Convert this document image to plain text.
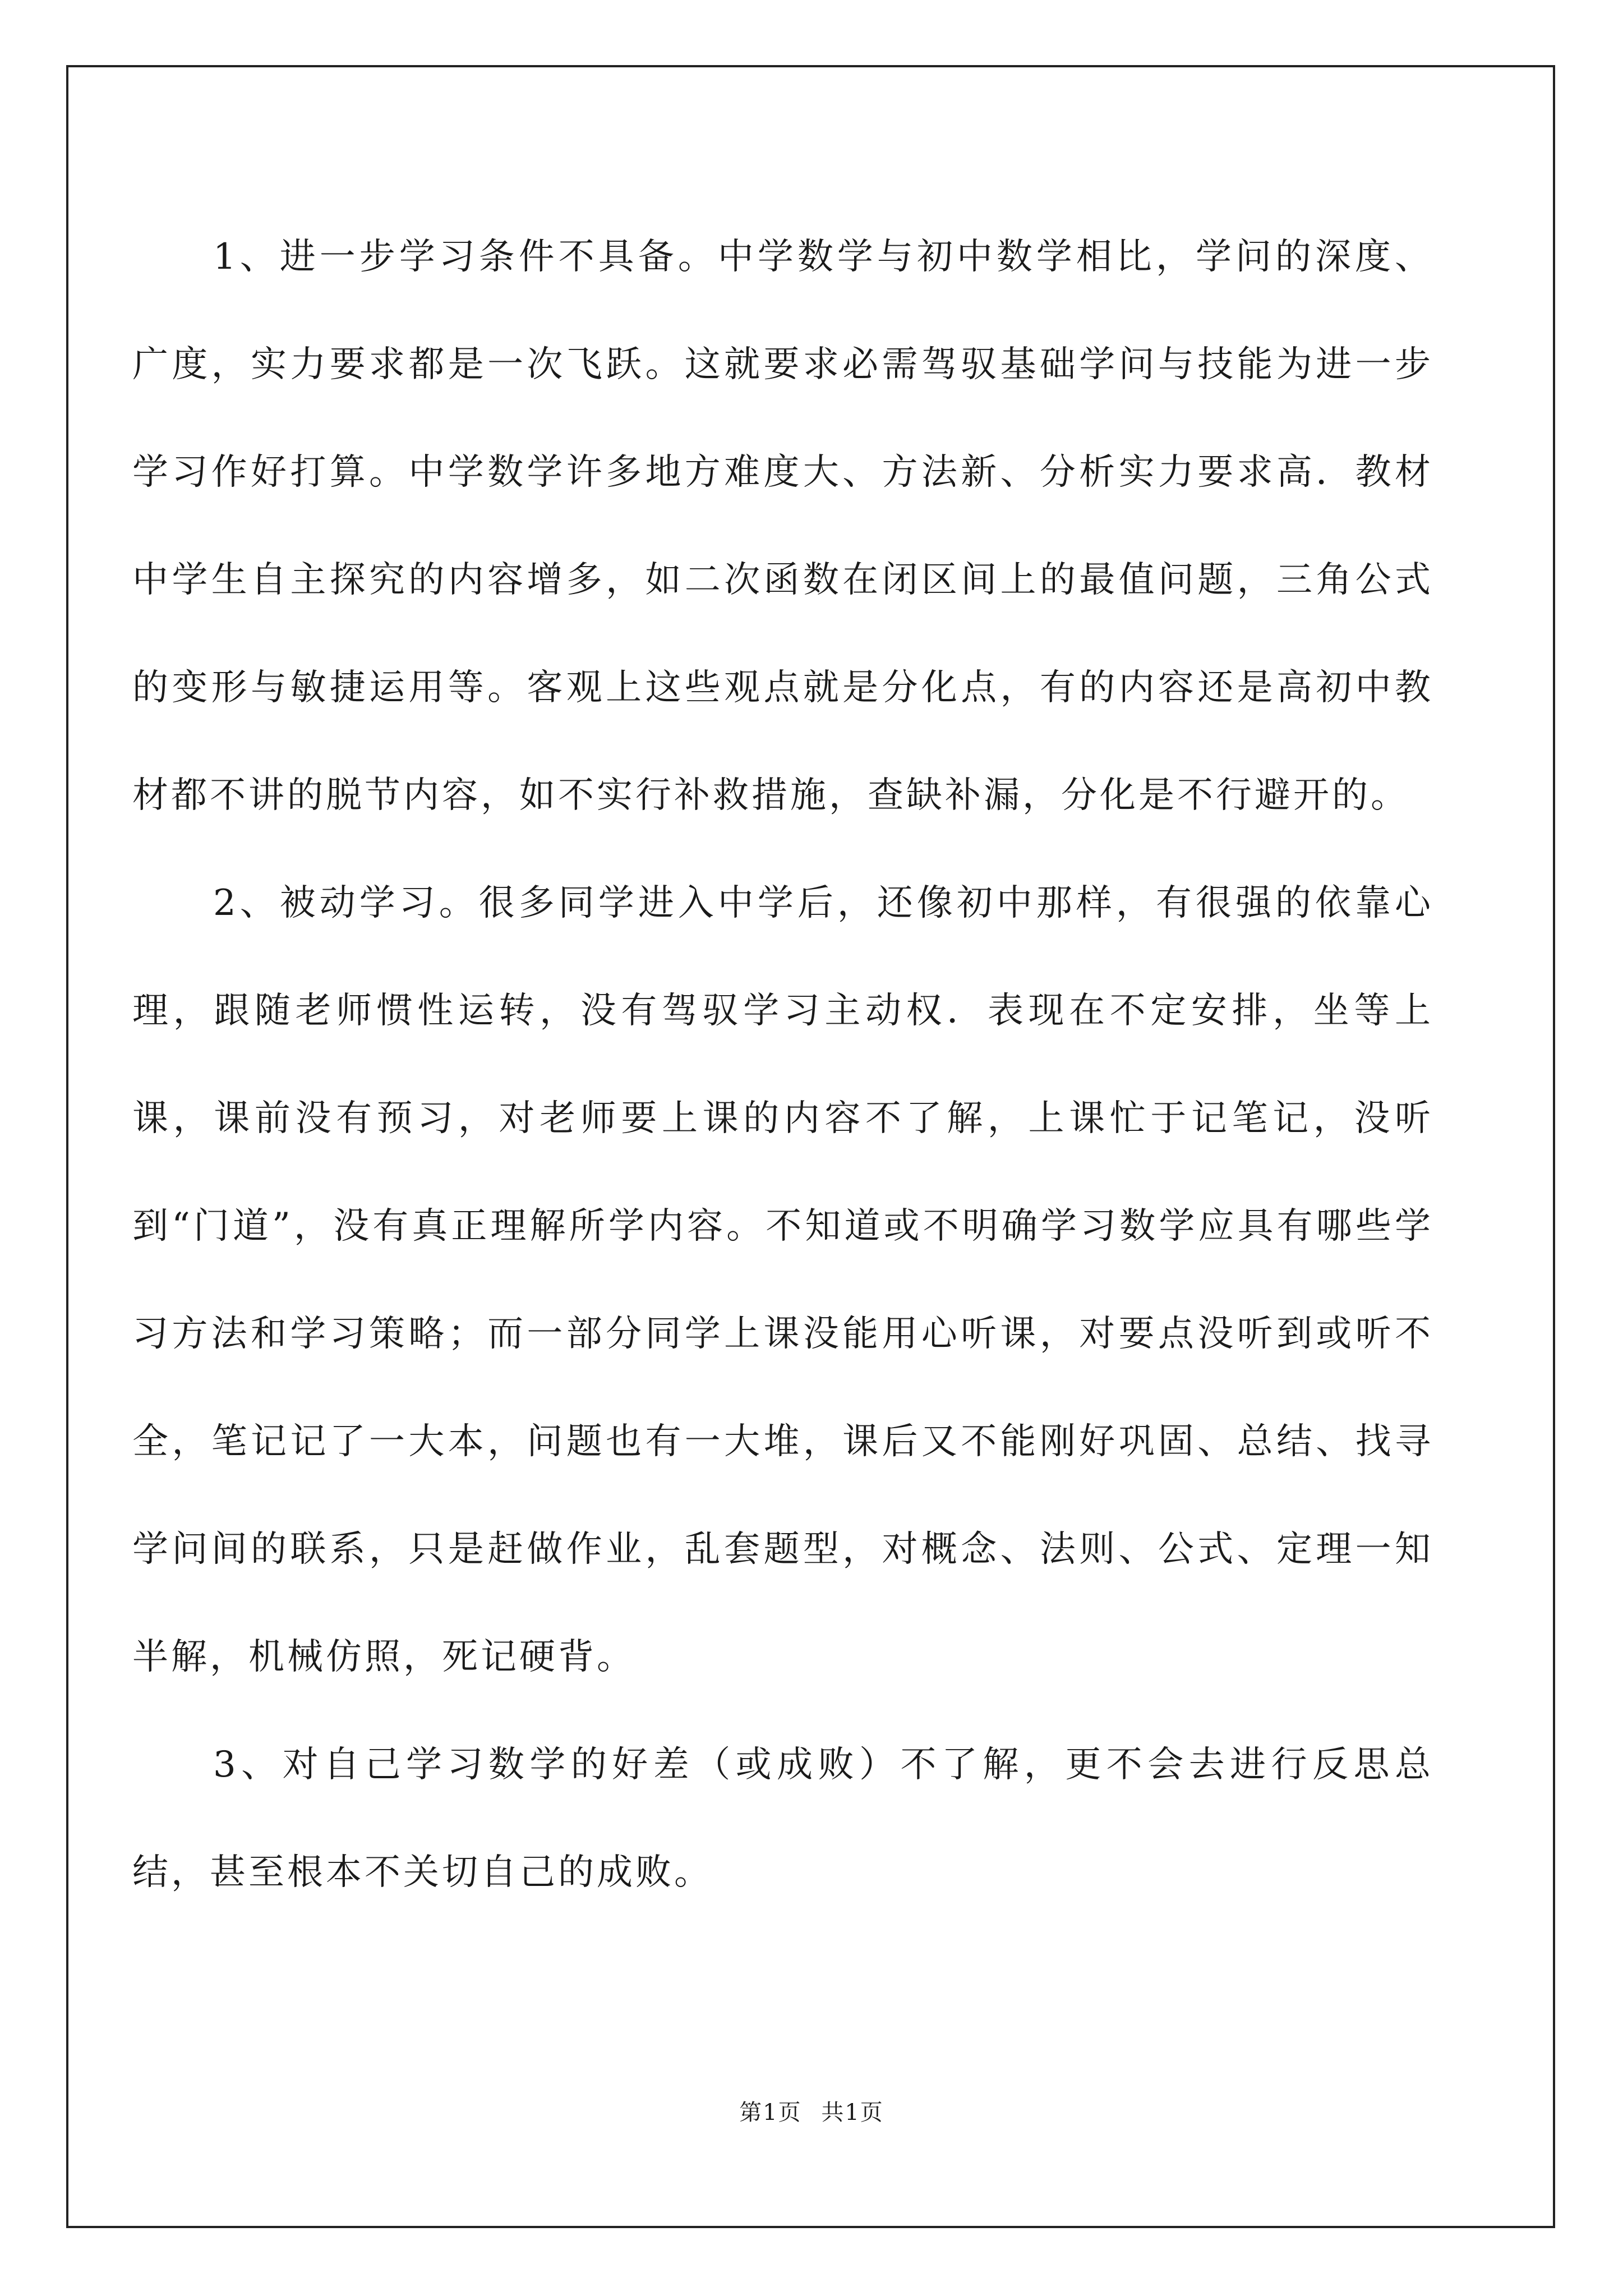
1、进一步学习条件不具备。中学数学与初中数学相比，学问的深度、广度，实力要求都是一次飞跃。这就要求必需驾驭基础学问与技能为进一步学习作好打算。中学数学许多地方难度大、方法新、分析实力要求高．教材中学生自主探究的内容增多，如二次函数在闭区间上的最值问题，三角公式的变形与敏捷运用等。客观上这些观点就是分化点，有的内容还是高初中教材都不讲的脱节内容，如不实行补救措施，查缺补漏，分化是不行避开的。

2、被动学习。很多同学进入中学后，还像初中那样，有很强的依靠心理，跟随老师惯性运转，没有驾驭学习主动权．表现在不定安排，坐等上课，课前没有预习，对老师要上课的内容不了解，上课忙于记笔记，没听到“门道”，没有真正理解所学内容。不知道或不明确学习数学应具有哪些学习方法和学习策略；而一部分同学上课没能用心听课，对要点没听到或听不全，笔记记了一大本，问题也有一大堆，课后又不能刚好巩固、总结、找寻学问间的联系，只是赶做作业，乱套题型，对概念、法则、公式、定理一知半解，机械仿照，死记硬背。

3、对自己学习数学的好差（或成败）不了解，更不会去进行反思总结，甚至根本不关切自己的成败。

第1页 共1页
